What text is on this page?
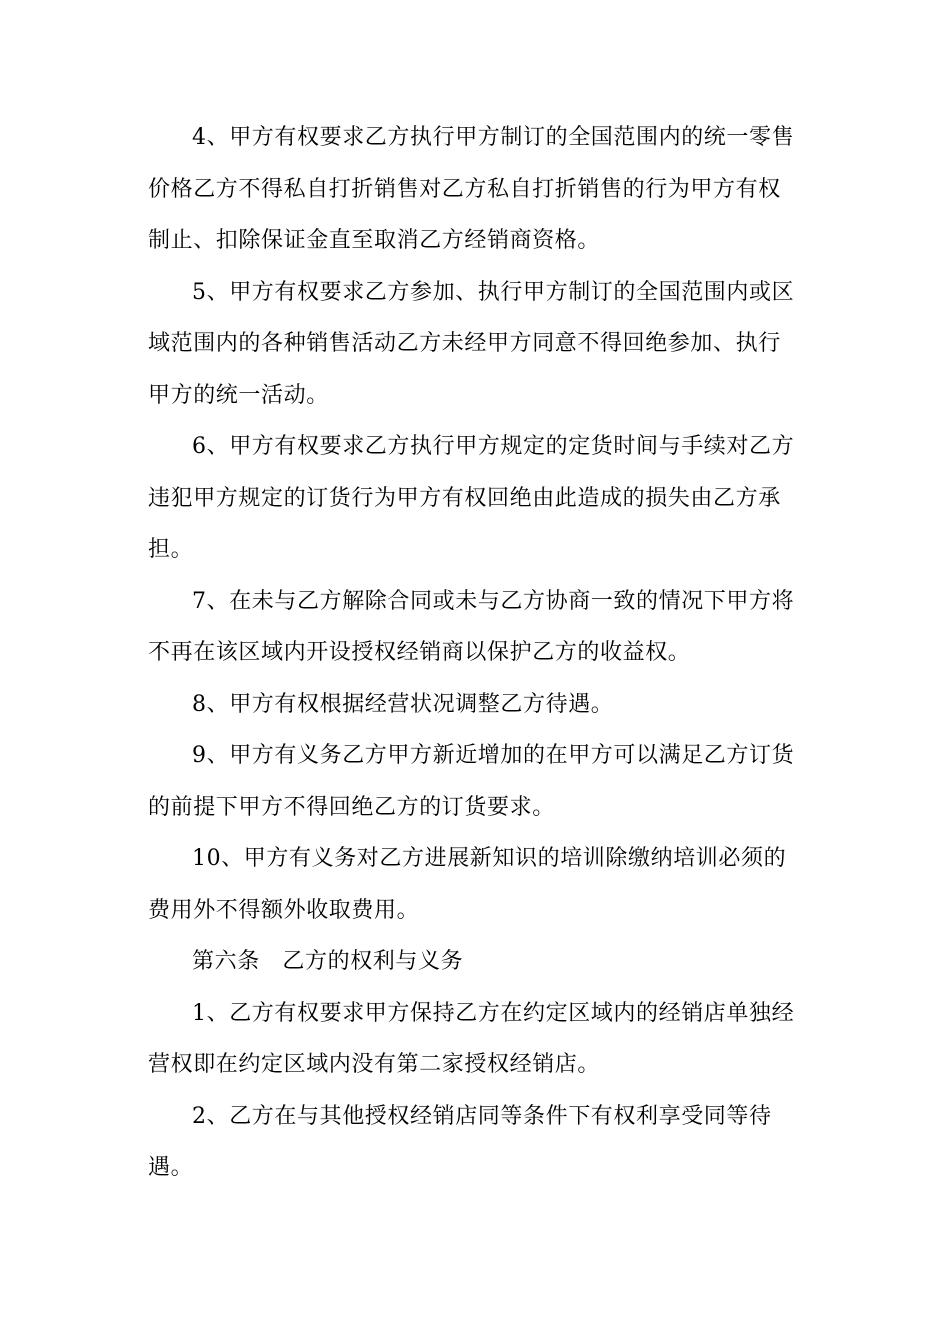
4、甲方有权要求乙方执行甲方制订的全国范围内的统一零售价格乙方不得私自打折销售对乙方私自打折销售的行为甲方有权制止、扣除保证金直至取消乙方经销商资格。

5、甲方有权要求乙方参加、执行甲方制订的全国范围内或区域范围内的各种销售活动乙方未经甲方同意不得回绝参加、执行甲方的统一活动。

6、甲方有权要求乙方执行甲方规定的定货时间与手续对乙方违犯甲方规定的订货行为甲方有权回绝由此造成的损失由乙方承担。

7、在未与乙方解除合同或未与乙方协商一致的情况下甲方将不再在该区域内开设授权经销商以保护乙方的收益权。

8、甲方有权根据经营状况调整乙方待遇。

9、甲方有义务乙方甲方新近增加的在甲方可以满足乙方订货的前提下甲方不得回绝乙方的订货要求。

10、甲方有义务对乙方进展新知识的培训除缴纳培训必须的费用外不得额外收取费用。

第六条　乙方的权利与义务

1、乙方有权要求甲方保持乙方在约定区域内的经销店单独经营权即在约定区域内没有第二家授权经销店。

2、乙方在与其他授权经销店同等条件下有权利享受同等待遇。
